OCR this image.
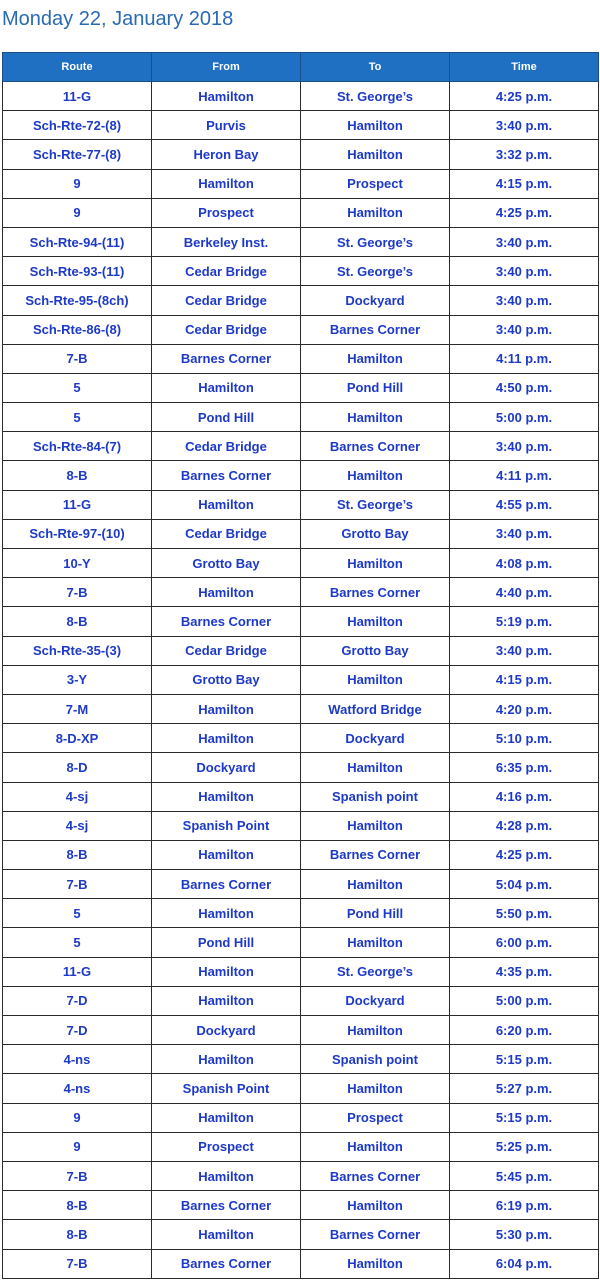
Monday 22, January 2018
Route	From	To	Time
11-G	Hamilton	St. George’s	4:25 p.m.
Sch-Rte-72-(8)	Purvis	Hamilton	3:40 p.m.
Sch-Rte-77-(8)	Heron Bay	Hamilton	3:32 p.m.
9	Hamilton	Prospect	4:15 p.m.
9	Prospect	Hamilton	4:25 p.m.
Sch-Rte-94-(11)	Berkeley Inst.	St. George’s	3:40 p.m.
Sch-Rte-93-(11)	Cedar Bridge	St. George’s	3:40 p.m.
Sch-Rte-95-(8ch)	Cedar Bridge	Dockyard	3:40 p.m.
Sch-Rte-86-(8)	Cedar Bridge	Barnes Corner	3:40 p.m.
7-B	Barnes Corner	Hamilton	4:11 p.m.
5	Hamilton	Pond Hill	4:50 p.m.
5	Pond Hill	Hamilton	5:00 p.m.
Sch-Rte-84-(7)	Cedar Bridge	Barnes Corner	3:40 p.m.
8-B	Barnes Corner	Hamilton	4:11 p.m.
11-G	Hamilton	St. George’s	4:55 p.m.
Sch-Rte-97-(10)	Cedar Bridge	Grotto Bay	3:40 p.m.
10-Y	Grotto Bay	Hamilton	4:08 p.m.
7-B	Hamilton	Barnes Corner	4:40 p.m.
8-B	Barnes Corner	Hamilton	5:19 p.m.
Sch-Rte-35-(3)	Cedar Bridge	Grotto Bay	3:40 p.m.
3-Y	Grotto Bay	Hamilton	4:15 p.m.
7-M	Hamilton	Watford Bridge	4:20 p.m.
8-D-XP	Hamilton	Dockyard	5:10 p.m.
8-D	Dockyard	Hamilton	6:35 p.m.
4-sj	Hamilton	Spanish point	4:16 p.m.
4-sj	Spanish Point	Hamilton	4:28 p.m.
8-B	Hamilton	Barnes Corner	4:25 p.m.
7-B	Barnes Corner	Hamilton	5:04 p.m.
5	Hamilton	Pond Hill	5:50 p.m.
5	Pond Hill	Hamilton	6:00 p.m.
11-G	Hamilton	St. George’s	4:35 p.m.
7-D	Hamilton	Dockyard	5:00 p.m.
7-D	Dockyard	Hamilton	6:20 p.m.
4-ns	Hamilton	Spanish point	5:15 p.m.
4-ns	Spanish Point	Hamilton	5:27 p.m.
9	Hamilton	Prospect	5:15 p.m.
9	Prospect	Hamilton	5:25 p.m.
7-B	Hamilton	Barnes Corner	5:45 p.m.
8-B	Barnes Corner	Hamilton	6:19 p.m.
8-B	Hamilton	Barnes Corner	5:30 p.m.
7-B	Barnes Corner	Hamilton	6:04 p.m.
